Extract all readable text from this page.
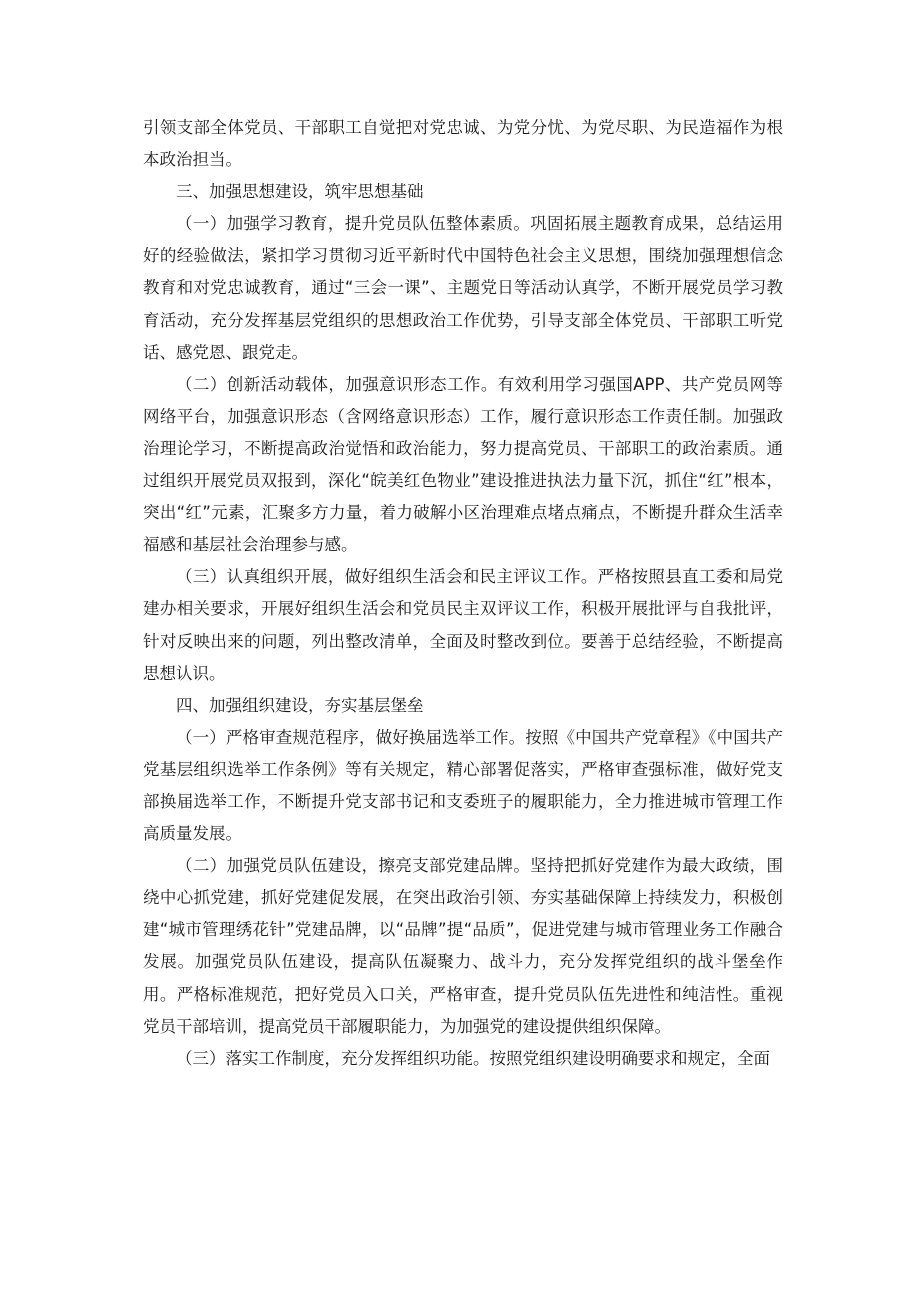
引领支部全体党员、干部职工自觉把对党忠诚、为党分忧、为党尽职、为民造福作为根本政治担当。

三、加强思想建设，筑牢思想基础

（一）加强学习教育，提升党员队伍整体素质。巩固拓展主题教育成果，总结运用好的经验做法，紧扣学习贯彻习近平新时代中国特色社会主义思想，围绕加强理想信念教育和对党忠诚教育，通过“三会一课”、主题党日等活动认真学，不断开展党员学习教育活动，充分发挥基层党组织的思想政治工作优势，引导支部全体党员、干部职工听党话、感党恩、跟党走。

（二）创新活动载体，加强意识形态工作。有效利用学习强国APP、共产党员网等网络平台，加强意识形态（含网络意识形态）工作，履行意识形态工作责任制。加强政治理论学习，不断提高政治觉悟和政治能力，努力提高党员、干部职工的政治素质。通过组织开展党员双报到，深化“皖美红色物业”建设推进执法力量下沉，抓住“红”根本，突出“红”元素，汇聚多方力量，着力破解小区治理难点堵点痛点，不断提升群众生活幸福感和基层社会治理参与感。

（三）认真组织开展，做好组织生活会和民主评议工作。严格按照县直工委和局党建办相关要求，开展好组织生活会和党员民主双评议工作，积极开展批评与自我批评，针对反映出来的问题，列出整改清单，全面及时整改到位。要善于总结经验，不断提高思想认识。

四、加强组织建设，夯实基层堡垒

（一）严格审查规范程序，做好换届选举工作。按照《中国共产党章程》《中国共产党基层组织选举工作条例》等有关规定，精心部署促落实，严格审查强标准，做好党支部换届选举工作，不断提升党支部书记和支委班子的履职能力，全力推进城市管理工作高质量发展。

（二）加强党员队伍建设，擦亮支部党建品牌。坚持把抓好党建作为最大政绩，围绕中心抓党建，抓好党建促发展，在突出政治引领、夯实基础保障上持续发力，积极创建“城市管理绣花针”党建品牌，以“品牌”提“品质”，促进党建与城市管理业务工作融合发展。加强党员队伍建设，提高队伍凝聚力、战斗力，充分发挥党组织的战斗堡垒作用。严格标准规范，把好党员入口关，严格审查，提升党员队伍先进性和纯洁性。重视党员干部培训，提高党员干部履职能力，为加强党的建设提供组织保障。

（三）落实工作制度，充分发挥组织功能。按照党组织建设明确要求和规定，全面
